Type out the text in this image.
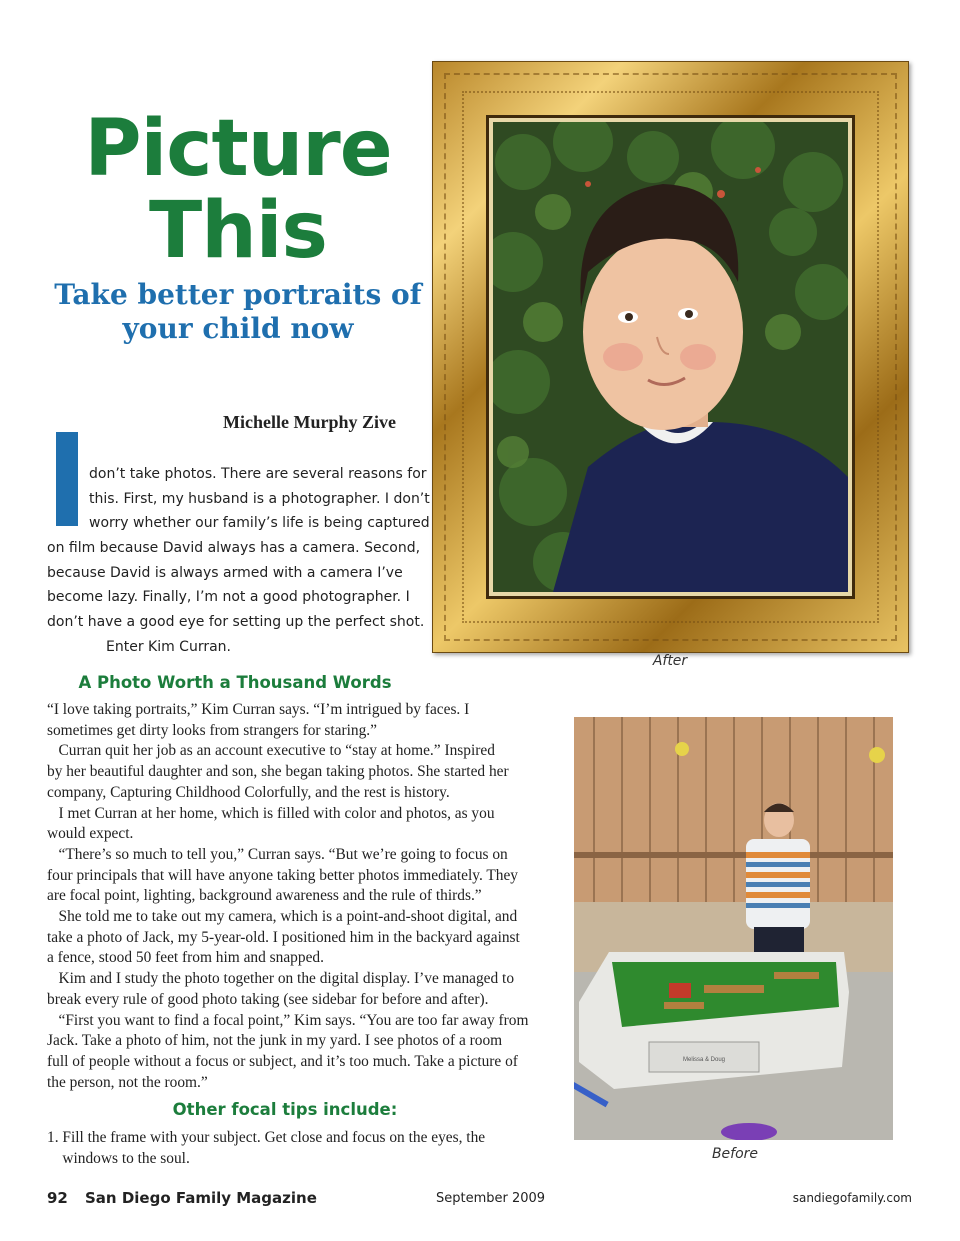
Picture
This
Take better portraits of
your child now

Michelle Murphy Zive

don’t take photos. There are several reasons for

this. First, my husband is a photographer. I don’t

worry whether our family’s life is being captured

on film because David always has a camera. Second,

because David is always armed with a camera I’ve

become lazy. Finally, I’m not a good photographer. I

don’t have a good eye for setting up the perfect shot.

Enter Kim Curran.

A Photo Worth a Thousand Words
“I love taking portraits,” Kim Curran says. “I’m intrigued by faces. I
sometimes get dirty looks from strangers for staring.”
Curran quit her job as an account executive to “stay at home.” Inspired
by her beautiful daughter and son, she began taking photos. She started her
company, Capturing Childhood Colorfully, and the rest is history.
I met Curran at her home, which is filled with color and photos, as you
would expect.
“There’s so much to tell you,” Curran says. “But we’re going to focus on
four principals that will have anyone taking better photos immediately. They
are focal point, lighting, background awareness and the rule of thirds.”
She told me to take out my camera, which is a point-and-shoot digital, and
take a photo of Jack, my 5-year-old. I positioned him in the backyard against
a fence, stood 50 feet from him and snapped.
Kim and I study the photo together on the digital display. I’ve managed to
break every rule of good photo taking (see sidebar for before and after).
“First you want to find a focal point,” Kim says. “You are too far away from
Jack. Take a photo of him, not the junk in my yard. I see photos of a room
full of people without a focus or subject, and it’s too much. Take a picture of
the person, not the room.”
Other focal tips include:
1. Fill the frame with your subject. Get close and focus on the eyes, the
windows to the soul.

After

Melissa & Doug

Before

92 San Diego Family Magazine	September 2009	sandiegofamily.com
